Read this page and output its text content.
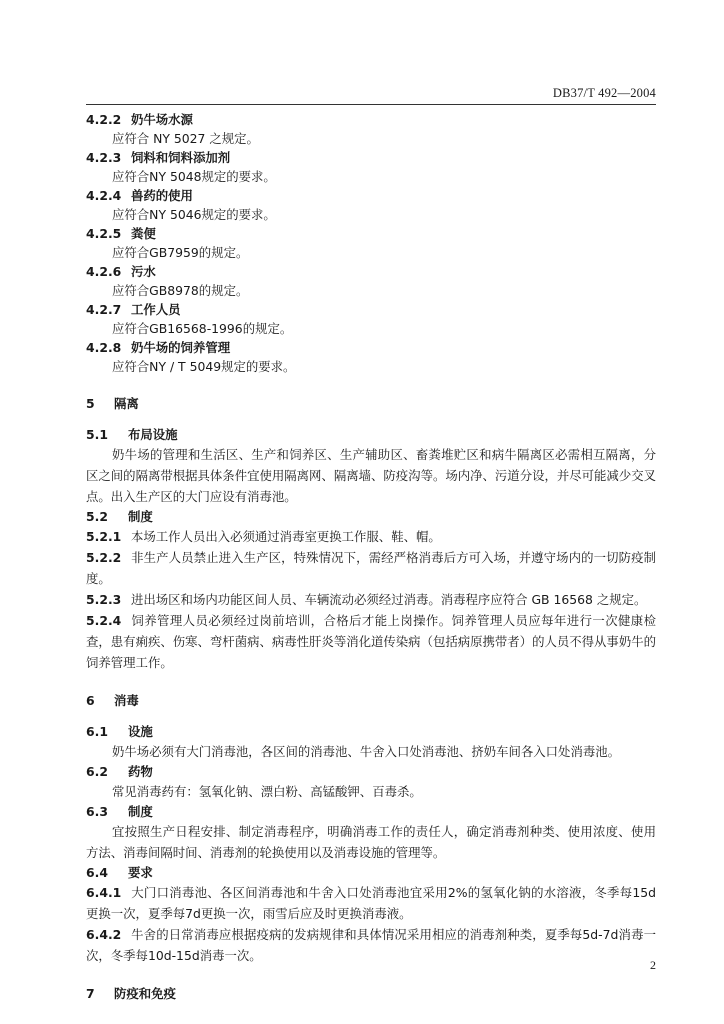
DB37/T 492—2004
4.2.2 奶牛场水源
应符合 NY 5027 之规定。
4.2.3 饲料和饲料添加剂
应符合NY 5048规定的要求。
4.2.4 兽药的使用
应符合NY 5046规定的要求。
4.2.5 粪便
应符合GB7959的规定。
4.2.6 污水
应符合GB8978的规定。
4.2.7 工作人员
应符合GB16568-1996的规定。
4.2.8 奶牛场的饲养管理
应符合NY / T 5049规定的要求。
5 隔离
5.1 布局设施

奶牛场的管理和生活区、生产和饲养区、生产辅助区、畜粪堆贮区和病牛隔离区必需相互隔离，分区之间的隔离带根据具体条件宜使用隔离网、隔离墙、防疫沟等。场内净、污道分设，并尽可能减少交叉点。出入生产区的大门应设有消毒池。

5.2 制度

5.2.1 本场工作人员出入必须通过消毒室更换工作服、鞋、帽。

5.2.2 非生产人员禁止进入生产区，特殊情况下，需经严格消毒后方可入场，并遵守场内的一切防疫制度。

5.2.3 进出场区和场内功能区间人员、车辆流动必须经过消毒。消毒程序应符合 GB 16568 之规定。

5.2.4 饲养管理人员必须经过岗前培训，合格后才能上岗操作。饲养管理人员应每年进行一次健康检查，患有痢疾、伤寒、弯杆菌病、病毒性肝炎等消化道传染病（包括病原携带者）的人员不得从事奶牛的饲养管理工作。

6 消毒
6.1 设施

奶牛场必须有大门消毒池，各区间的消毒池、牛舍入口处消毒池、挤奶车间各入口处消毒池。

6.2 药物

常见消毒药有：氢氧化钠、漂白粉、高锰酸钾、百毒杀。

6.3 制度

宜按照生产日程安排、制定消毒程序，明确消毒工作的责任人，确定消毒剂种类、使用浓度、使用方法、消毒间隔时间、消毒剂的轮换使用以及消毒设施的管理等。

6.4 要求

6.4.1 大门口消毒池、各区间消毒池和牛舍入口处消毒池宜采用2%的氢氧化钠的水溶液，冬季每15d更换一次，夏季每7d更换一次，雨雪后应及时更换消毒液。

6.4.2 牛舍的日常消毒应根据疫病的发病规律和具体情况采用相应的消毒剂种类，夏季每5d-7d消毒一次，冬季每10d-15d消毒一次。

7 防疫和免疫
2
